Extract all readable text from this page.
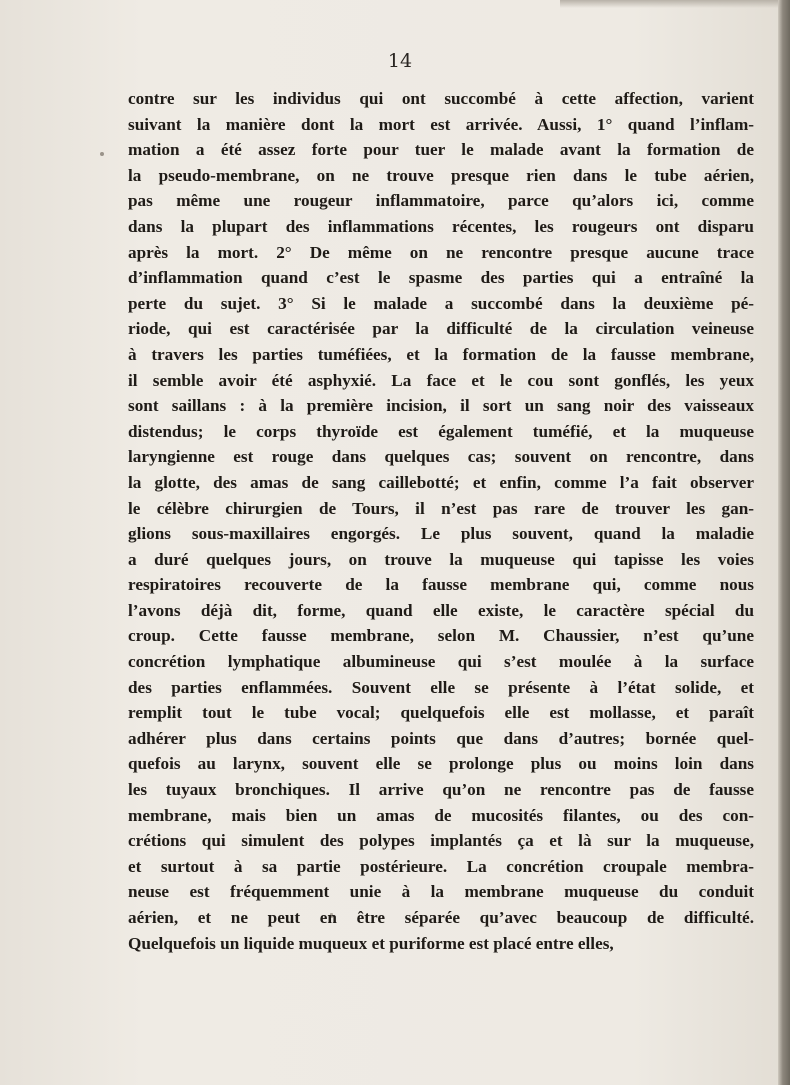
14
contre sur les individus qui ont succombé à cette affection, varient
suivant la manière dont la mort est arrivée. Aussi, 1° quand l’inflam-
mation a été assez forte pour tuer le malade avant la formation de
la pseudo-membrane, on ne trouve presque rien dans le tube aérien,
pas même une rougeur inflammatoire, parce qu’alors ici, comme
dans la plupart des inflammations récentes, les rougeurs ont disparu
après la mort. 2° De même on ne rencontre presque aucune trace
d’inflammation quand c’est le spasme des parties qui a entraîné la
perte du sujet. 3° Si le malade a succombé dans la deuxième pé-
riode, qui est caractérisée par la difficulté de la circulation veineuse
à travers les parties tuméfiées, et la formation de la fausse membrane,
il semble avoir été asphyxié. La face et le cou sont gonflés, les yeux
sont saillans : à la première incision, il sort un sang noir des vaisseaux
distendus; le corps thyroïde est également tuméfié, et la muqueuse
laryngienne est rouge dans quelques cas; souvent on rencontre, dans
la glotte, des amas de sang caillebotté; et enfin, comme l’a fait observer
le célèbre chirurgien de Tours, il n’est pas rare de trouver les gan-
glions sous-maxillaires engorgés. Le plus souvent, quand la maladie
a duré quelques jours, on trouve la muqueuse qui tapisse les voies
respiratoires recouverte de la fausse membrane qui, comme nous
l’avons déjà dit, forme, quand elle existe, le caractère spécial du
croup. Cette fausse membrane, selon M. Chaussier, n’est qu’une
concrétion lymphatique albumineuse qui s’est moulée à la surface
des parties enflammées. Souvent elle se présente à l’état solide, et
remplit tout le tube vocal; quelquefois elle est mollasse, et paraît
adhérer plus dans certains points que dans d’autres; bornée quel-
quefois au larynx, souvent elle se prolonge plus ou moins loin dans
les tuyaux bronchiques. Il arrive qu’on ne rencontre pas de fausse
membrane, mais bien un amas de mucosités filantes, ou des con-
crétions qui simulent des polypes implantés ça et là sur la muqueuse,
et surtout à sa partie postérieure. La concrétion croupale membra-
neuse est fréquemment unie à la membrane muqueuse du conduit
aérien, et ne peut en être séparée qu’avec beaucoup de difficulté.
Quelquefois un liquide muqueux et puriforme est placé entre elles,
